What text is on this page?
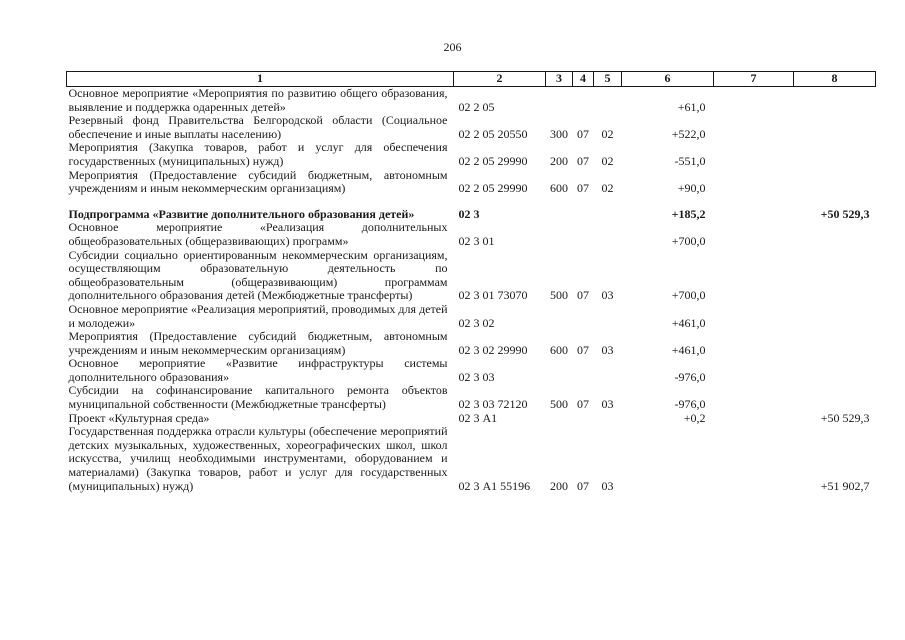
206
1	2	3	4	5	6	7	8
Основное мероприятие «Мероприятия по развитию общего образования, выявление и поддержка одаренных детей»	02 2 05				+61,0		
Резервный фонд Правительства Белгородской области (Социальное обеспечение и иные выплаты населению)	02 2 05 20550	300	07	02	+522,0		
Мероприятия (Закупка товаров, работ и услуг для обеспечения государственных (муниципальных) нужд)	02 2 05 29990	200	07	02	-551,0		
Мероприятия (Предоставление субсидий бюджетным, автономным учреждениям и иным некоммерческим организациям)	02 2 05 29990	600	07	02	+90,0		

Подпрограмма «Развитие дополнительного образования детей»	02 3				+185,2		+50 529,3
Основное мероприятие «Реализация дополнительных общеобразовательных (общеразвивающих) программ»	02 3 01				+700,0		
Субсидии социально ориентированным некоммерческим организациям, осуществляющим образовательную деятельность по общеобразовательным (общеразвивающим) программам дополнительного образования детей (Межбюджетные трансферты)	02 3 01 73070	500	07	03	+700,0		
Основное мероприятие «Реализация мероприятий, проводимых для детей и молодежи»	02 3 02				+461,0		
Мероприятия (Предоставление субсидий бюджетным, автономным учреждениям и иным некоммерческим организациям)	02 3 02 29990	600	07	03	+461,0		
Основное мероприятие «Развитие инфраструктуры системы дополнительного образования»	02 3 03				-976,0		
Субсидии на софинансирование капитального ремонта объектов муниципальной собственности (Межбюджетные трансферты)	02 3 03 72120	500	07	03	-976,0		
Проект «Культурная среда»	02 3 А1				+0,2		+50 529,3
Государственная поддержка отрасли культуры (обеспечение мероприятий детских музыкальных, художественных, хореографических школ, школ искусства, училищ необходимыми инструментами, оборудованием и материалами) (Закупка товаров, работ и услуг для государственных (муниципальных) нужд)	02 3 А1 55196	200	07	03			+51 902,7
